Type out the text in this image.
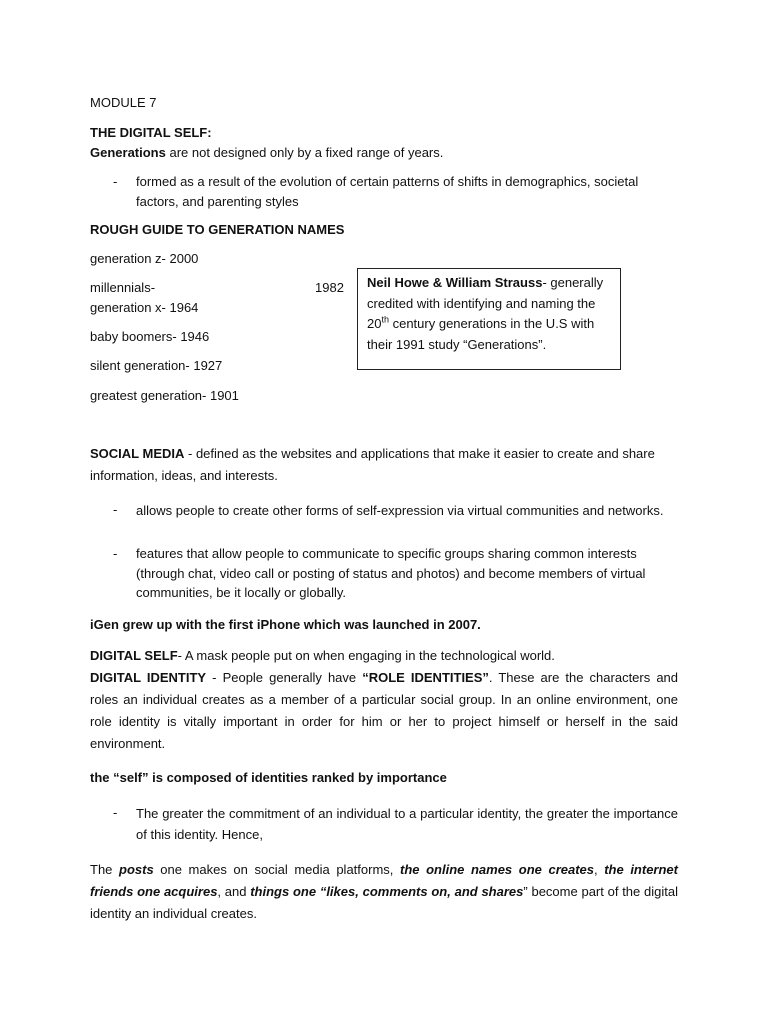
MODULE 7
THE DIGITAL SELF:
Generations are not designed only by a fixed range of years.
- formed as a result of the evolution of certain patterns of shifts in demographics, societal factors, and parenting styles
ROUGH GUIDE TO GENERATION NAMES
generation z- 2000
millennials-	1982
generation x- 1964
baby boomers- 1946
silent generation- 1927
greatest generation- 1901
Neil Howe & William Strauss- generally credited with identifying and naming the 20th century generations in the U.S with their 1991 study “Generations”.
SOCIAL MEDIA - defined as the websites and applications that make it easier to create and share information, ideas, and interests.
- allows people to create other forms of self-expression via virtual communities and networks.
- features that allow people to communicate to specific groups sharing common interests (through chat, video call or posting of status and photos) and become members of virtual communities, be it locally or globally.
iGen grew up with the first iPhone which was launched in 2007.
DIGITAL SELF- A mask people put on when engaging in the technological world.
DIGITAL IDENTITY - People generally have “ROLE IDENTITIES”. These are the characters and roles an individual creates as a member of a particular social group. In an online environment, one role identity is vitally important in order for him or her to project himself or herself in the said environment.
the “self” is composed of identities ranked by importance
- The greater the commitment of an individual to a particular identity, the greater the importance of this identity. Hence,
The posts one makes on social media platforms, the online names one creates, the internet friends one acquires, and things one “likes, comments on, and shares” become part of the digital identity an individual creates.
